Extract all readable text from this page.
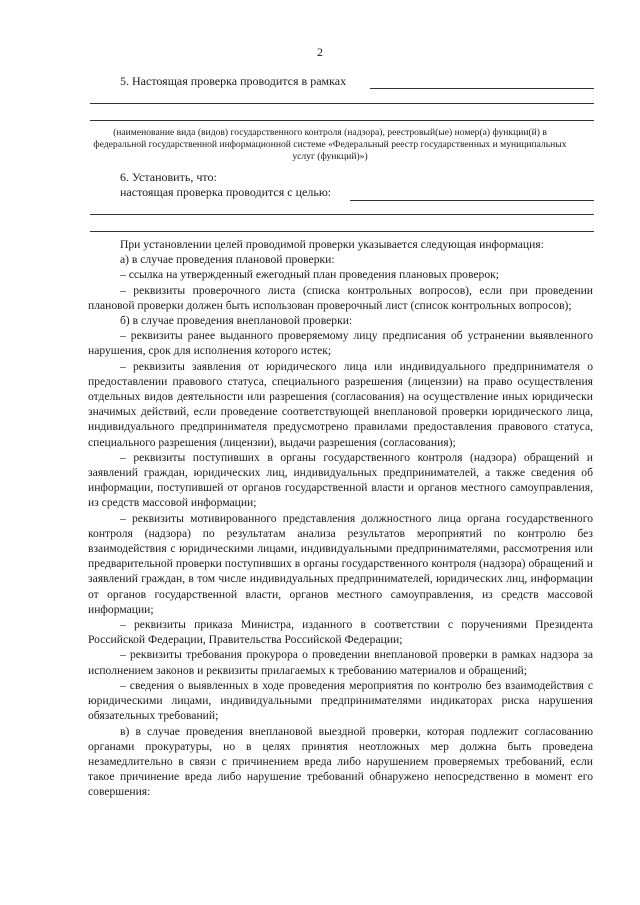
2
5. Настоящая проверка проводится в рамках
(наименование вида (видов) государственного контроля (надзора), реестровый(ые) номер(а) функции(й) в федеральной государственной информационной системе «Федеральный реестр государственных и муниципальных услуг (функций)»)
6. Установить, что:
настоящая проверка проводится с целью:

При установлении целей проводимой проверки указывается следующая информация:

а) в случае проведения плановой проверки:

– ссылка на утвержденный ежегодный план проведения плановых проверок;

– реквизиты проверочного листа (списка контрольных вопросов), если при проведении плановой проверки должен быть использован проверочный лист (список контрольных вопросов);

б) в случае проведения внеплановой проверки:

– реквизиты ранее выданного проверяемому лицу предписания об устранении выявленного нарушения, срок для исполнения которого истек;

– реквизиты заявления от юридического лица или индивидуального предпринимателя о предоставлении правового статуса, специального разрешения (лицензии) на право осуществления отдельных видов деятельности или разрешения (согласования) на осуществление иных юридически значимых действий, если проведение соответствующей внеплановой проверки юридического лица, индивидуального предпринимателя предусмотрено правилами предоставления правового статуса, специального разрешения (лицензии), выдачи разрешения (согласования);

– реквизиты поступивших в органы государственного контроля (надзора) обращений и заявлений граждан, юридических лиц, индивидуальных предпринимателей, а также сведения об информации, поступившей от органов государственной власти и органов местного самоуправления, из средств массовой информации;

– реквизиты мотивированного представления должностного лица органа государственного контроля (надзора) по результатам анализа результатов мероприятий по контролю без взаимодействия с юридическими лицами, индивидуальными предпринимателями, рассмотрения или предварительной проверки поступивших в органы государственного контроля (надзора) обращений и заявлений граждан, в том числе индивидуальных предпринимателей, юридических лиц, информации от органов государственной власти, органов местного самоуправления, из средств массовой информации;

– реквизиты приказа Министра, изданного в соответствии с поручениями Президента Российской Федерации, Правительства Российской Федерации;

– реквизиты требования прокурора о проведении внеплановой проверки в рамках надзора за исполнением законов и реквизиты прилагаемых к требованию материалов и обращений;

– сведения о выявленных в ходе проведения мероприятия по контролю без взаимодействия с юридическими лицами, индивидуальными предпринимателями индикаторах риска нарушения обязательных требований;

в) в случае проведения внеплановой выездной проверки, которая подлежит согласованию органами прокуратуры, но в целях принятия неотложных мер должна быть проведена незамедлительно в связи с причинением вреда либо нарушением проверяемых требований, если такое причинение вреда либо нарушение требований обнаружено непосредственно в момент его совершения:
